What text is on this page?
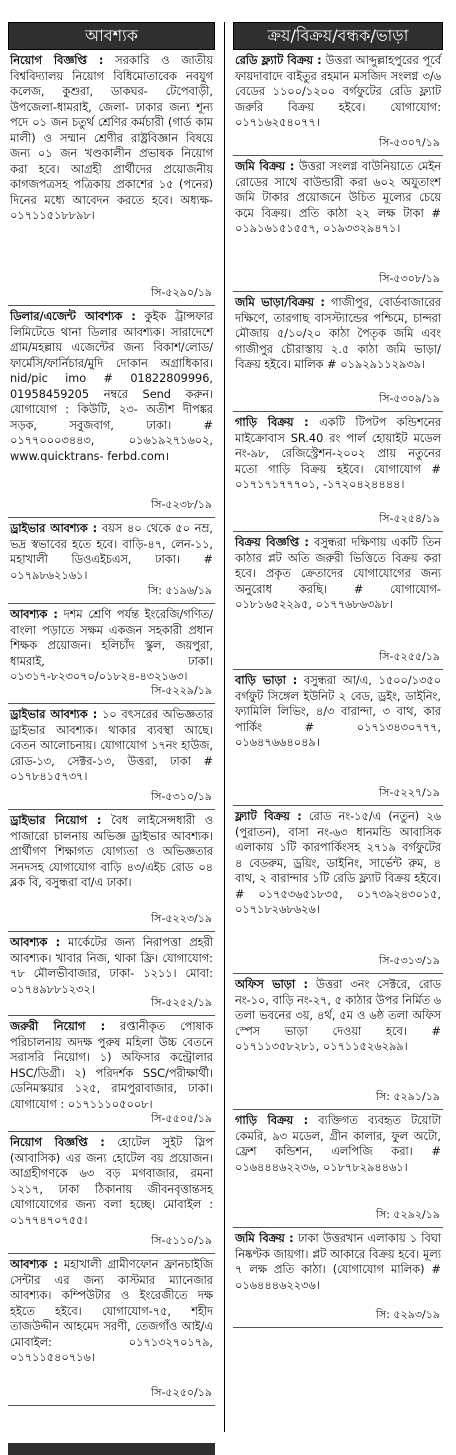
আবশ্যক

নিয়োগ বিজ্ঞপ্তি : সরকারি ও জাতীয় বিশ্ববিদ্যালয় নিয়োগ বিধিমোতাবেক নবযুগ কলেজ, কুশুরা, ডাকঘর- টেপেবাড়ী, উপজেলা-ধামরাই, জেলা- ঢাকার জন্য শূন্য পদে ০১ জন চতুর্থ শ্রেণির কর্মচারী (গার্ড কাম মালী) ও সম্মান শ্রেণীর রাষ্ট্রবিজ্ঞান বিষয়ে জন্য ০১ জন খণ্ডকালীন প্রভাষক নিয়োগ করা হবে। আগ্রহী প্রার্থীদের প্রয়োজনীয় কাগজপত্রসহ পত্রিকায় প্রকাশের ১৫ (পনের) দিনের মধ্যে আবেদন করতে হবে। অধ্যক্ষ- ০১৭১১৫১৮৮৯৮।

সি-৫২৯০/১৯

ডিলার/এজেন্ট আবশ্যক : কুইক ট্রান্সফার লিমিটেডে থানা ডিলার আবশ্যক। সারাদেশে গ্রাম/মহল্লায় এজেন্টের জন্য বিকাশ/লোড/ ফার্মেসি/ফার্নিচার/মুদি দোকান অগ্রাধিকার। nid/pic imo # 01822809996, 01958459205 নম্বরে Send করুন। যোগাযোগ : কিউটি, ২৩- অতীশ দীপঙ্কর সড়ক, সবুজবাগ, ঢাকা। # ০১৭৭০০০৩৪৪৩, ০১৬১৯২৭১৬০২, www.quicktrans- ferbd.com।

সি-৫২৩৮/১৯

ড্রাইভার আবশ্যক : বয়স ৪০ থেকে ৫০ নম্র, ভদ্র স্বভাবের হতে হবে। বাড়ি-৪৭, লেন-১১, মহাখালী ডিওএইচএস, ঢাকা। # ০১৭৯৮৬২১৬১।

সি: ৫১৯৬/১৯

আবশ্যক : দশম শ্রেণি পর্যন্ত ইংরেজি/গণিত/বাংলা পড়াতে সক্ষম একজন সহকারী প্রধান শিক্ষক প্রয়োজন। হলিচাঁদ স্কুল, জয়পুরা, ধামরাই, ঢাকা। ০১৩১৭-৮২৩০৭০/০১৮২৪-৪৩২১৬৩।

সি-৫২২৯/১৯

ড্রাইভার আবশ্যক : ১০ বৎসরের অভিজ্ঞতার ড্রাইভার আবশ্যক। থাকার ব্যবস্থা আছে। বেতন আলোচনায়। যোগাযোগ ১৭নং হাউজ, রোড-১৩, সেক্টর-১৩, উত্তরা, ঢাকা # ০১৭৮৪১৫৭৩৭।

সি-৫৩১০/১৯

ড্রাইভার নিয়োগ : বৈধ লাইসেন্সধারী ও পাজারো চালনায় অভিজ্ঞ ড্রাইভার আবশ্যক। প্রার্থীগণ শিক্ষাগত যোগ্যতা ও অভিজ্ঞতার সনদসহ যোগাযোগ বাড়ি ৪৩/এইচ রোড ০৪ ব্লক বি, বসুন্ধরা বা/এ ঢাকা।

সি-৫২২৩/১৯

আবশ্যক : মার্কেটের জন্য নিরাপত্তা প্রহরী আবশ্যক। খাবার নিজ, থাকা ফ্রি। যোগাযোগ: ৭৮ মৌলভীবাজার, ঢাকা- ১২১১। মোবা: ০১৭৪৯৮৮১২৩২।

সি-৫২৫২/১৯

জরুরী নিয়োগ : রপ্তানীকৃত পোষাক পরিচালনায় অদক্ষ পুরুষ মহিলা উচ্চ বেতনে সরাসরি নিয়োগ। ১) অফিসার কন্ট্রোলার HSC/ডিগ্রী। ২) পরিদর্শক SSC/পরীক্ষার্থী। ডেনিমস্কয়ার ১২৫, রামপুরাবাজার, ঢাকা। যোগাযোগ : ০১৭১১১০৫০০৮।

সি-৫৫০৫/১৯

নিয়োগ বিজ্ঞপ্তি : হোটেল সুইট স্লিপ (আবাসিক) এর জন্য হোটেল বয় প্রয়োজন। আগ্রহীগণকে ৬৩ বড় মগবাজার, রমনা ১২১৭, ঢাকা ঠিকানায় জীবনবৃত্তান্তসহ যোগাযোগের জন্য বলা হচ্ছে। মোবাইল : ০১৭৭৪৭০৭৫৫।

সি-৫১১০/১৯

আবশ্যক : মহাখালী গ্রামীণফোন ফ্রানচাইজি সেন্টার এর জন্য কাস্টমার ম্যানেজার আবশ্যক। কম্পিউটার ও ইংরেজীতে দক্ষ হইতে হইবে। যোগাযোগ-৭৫, শহীদ তাজউদ্দীন আহমেদ সরণী, তেজগাঁও আই/এ মোবাইল: ০১৭১৩২৭০১৭৯, ০১৭১১৫৪০৭১৬।

সি-৫২৫০/১৯
ক্রয়/বিক্রয়/বন্ধক/ভাড়া

রেডি ফ্ল্যাট বিক্রয় : উত্তরা আব্দুল্লাহপুরের পূর্বে ফায়দাবাদে বাইতুর রহমান মসজিদ সংলগ্ন ৩/৬ বেডের ১১০০/১২০০ বর্গফুটের রেডি ফ্ল্যাট জরুরি বিক্রয় হইবে। যোগাযোগ: ০১৭১৬২৫৪০৭৭।

সি-৫৩০৭/১৯

জমি বিক্রয় : উত্তরা সংলগ্ন বাউনিয়াতে মেইন রোডের সাথে বাউন্ডারী করা ৬০২ অযুতাংশ জমি টাকার প্রয়োজনে উচিত মূল্যের চেয়ে কমে বিক্রয়। প্রতি কাঠা ২২ লক্ষ টাকা # ০১৯১৬১৫১৫৫৭, ০১৯৩৩২৯৪৭১।

সি-৫৩০৮/১৯

জমি ভাড়া/বিক্রয় : গাজীপুর, বোর্ডবাজারের দক্ষিণে, তারগাছ বাসস্ট্যান্ডের পশ্চিমে, চান্দরা মৌজায় ৫/১০/২০ কাঠা পৈতৃক জমি এবং গাজীপুর চৌরাস্তায় ২.৫ কাঠা জমি ভাড়া/বিক্রয় হইবে। মালিক # ০১৯২৯১১২৯৩৯।

সি-৫৩০৯/১৯

গাড়ি বিক্রয় : একটি টিপটপ কন্ডিশনের মাইক্রোবাস SR.40 রং পার্ল হোয়াইট মডেল নং-৯৮, রেজিস্ট্রেশন-২০০২ প্রায় নতুনের মতো গাড়ি বিক্রয় হইবে। যোগাযোগ # ০১৭১৭১৭৭৭০১, -১৭২০৪২৪৪৪৪।

সি-৫২৫৪/১৯

বিক্রয় বিজ্ঞপ্তি : বসুন্ধরা দক্ষিণায় একটি তিন কাঠার প্লট অতি জরুরী ভিত্তিতে বিক্রয় করা হবে। প্রকৃত ক্রেতাদের যোগাযোগের জন্য অনুরোধ করছি। # যোগাযোগ- ০১৮১৬৫২২৯৫, ০১৭৭৬৮৬৩৯৮।

সি-৫২৫৫/১৯

বাড়ি ভাড়া : বসুন্ধরা আ/এ, ১৫০০/১৩৫০ বর্গফুট সিঙ্গেল ইউনিট ২ বেড, ড্রইং, ডাইনিং, ফ্যামিলি লিভিং, ৪/৩ বারান্দা, ৩ বাথ, কার পার্কিং # ০১৭১৩৪৩০৭৭৭, ০১৬৪৭৬৬৪০৪৯।

সি-৫২২৭/১৯

ফ্ল্যাট বিক্রয় : রোড নং-১৫/এ (নতুন) ২৬ (পুরাতন), বাসা নং-৬৩ ধানমন্ডি আবাসিক এলাকায় ১টি কারপার্কিংসহ ২৭১৯ বর্গফুটের ৪ বেডরুম, ড্রয়িং, ডাইনিং, সার্ভেন্ট রুম, ৪ বাথ, ২ বারান্দার ১টি রেডি ফ্ল্যাট বিক্রয় হইবে। # ০১৭৫৩৬৫১৮৩৫, ০১৭৩৯২৪৩০১৫, ০১৭১৮২৬৮৬২৬।

সি-৫৩১৩/১৯

অফিস ভাড়া : উত্তরা ৩নং সেক্টরে, রোড নং-১০, বাড়ি নং-২৭, ৫ কাঠার উপর নির্মিত ৬ তলা ভবনের ৩য়, ৪র্থ, ৫ম ও ৬ষ্ঠ তলা অফিস স্পেস ভাড়া দেওয়া হবে। # ০১৭১১৩৫৮২৮১, ০১৭১১৫২৬২৯৯।

সি: ৫২৯১/১৯

গাড়ি বিক্রয় : ব্যক্তিগত ব্যবহৃত টয়োটা কেমরি, ৯৩ মডেল, গ্রীন কালার, ফুল অটো, ফ্রেশ কন্ডিশন, এলপিজি করা। # ০১৬৪৪৪৬২২৩৬, ০১৮৭৮২৯৪৪৬১।

সি: ৫২৯২/১৯

জমি বিক্রয় : ঢাকা উত্তরখান এলাকায় ১ বিঘা নিষ্কণ্টক জায়গা। প্লট আকারে বিক্রয় হবে। মূল্য ৭ লক্ষ প্রতি কাঠা। (যোগাযোগ মালিক) # ০১৬৪৪৪৬২২৩৬।

সি: ৫২৯৩/১৯
